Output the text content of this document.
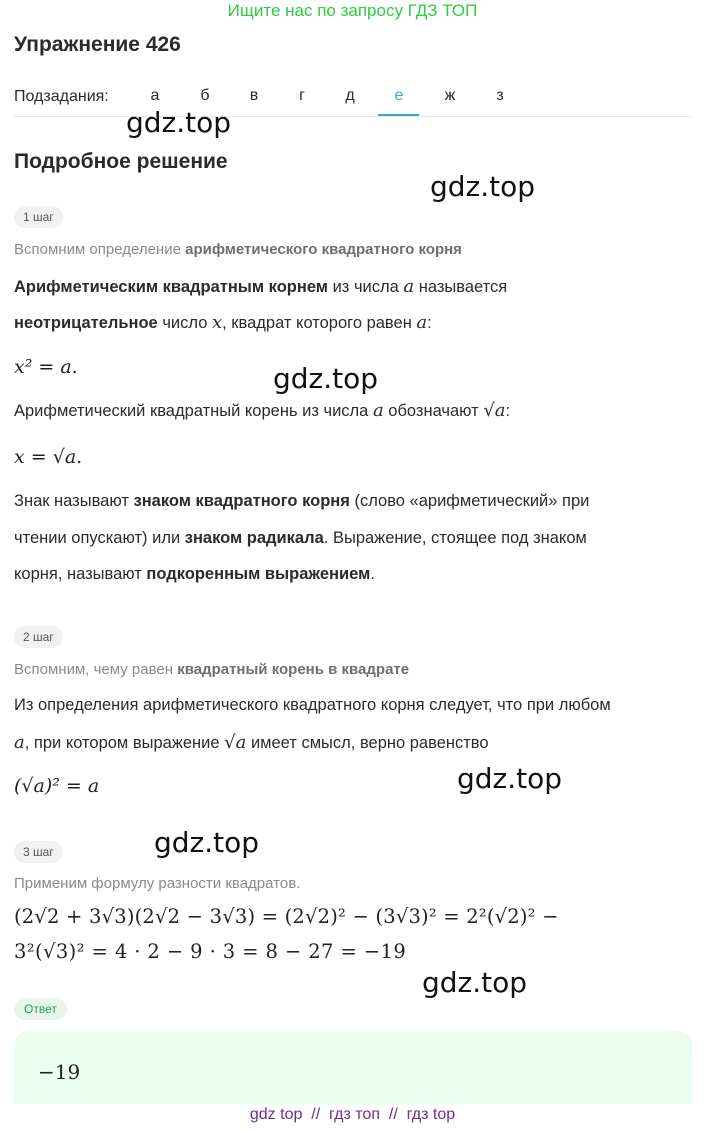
Ищите нас по запросу ГДЗ ТОП
Упражнение 426
Подзадания:	а	б	в	г	д	е	ж	з
gdz.top
gdz.top
gdz.top
gdz.top
gdz.top
gdz.top
Подробное решение
1 шаг
Вспомним определение арифметического квадратного корня
Арифметическим квадратным корнем из числа a называется
неотрицательное число x, квадрат которого равен a:
x² = a.
Арифметический квадратный корень из числа a обозначают √a:
x = √a.
Знак называют знаком квадратного корня (слово «арифметический» при
чтении опускают) или знаком радикала. Выражение, стоящее под знаком
корня, называют подкоренным выражением.
2 шаг
Вспомним, чему равен квадратный корень в квадрате
Из определения арифметического квадратного корня следует, что при любом
a, при котором выражение √a имеет смысл, верно равенство
(√a)² = a
3 шаг
Применим формулу разности квадратов.
(2√2 + 3√3)(2√2 − 3√3) = (2√2)² − (3√3)² = 2²(√2)² −
3²(√3)² = 4 · 2 − 9 · 3 = 8 − 27 = −19
Ответ
−19
gdz top  //  гдз топ  //  гдз top
